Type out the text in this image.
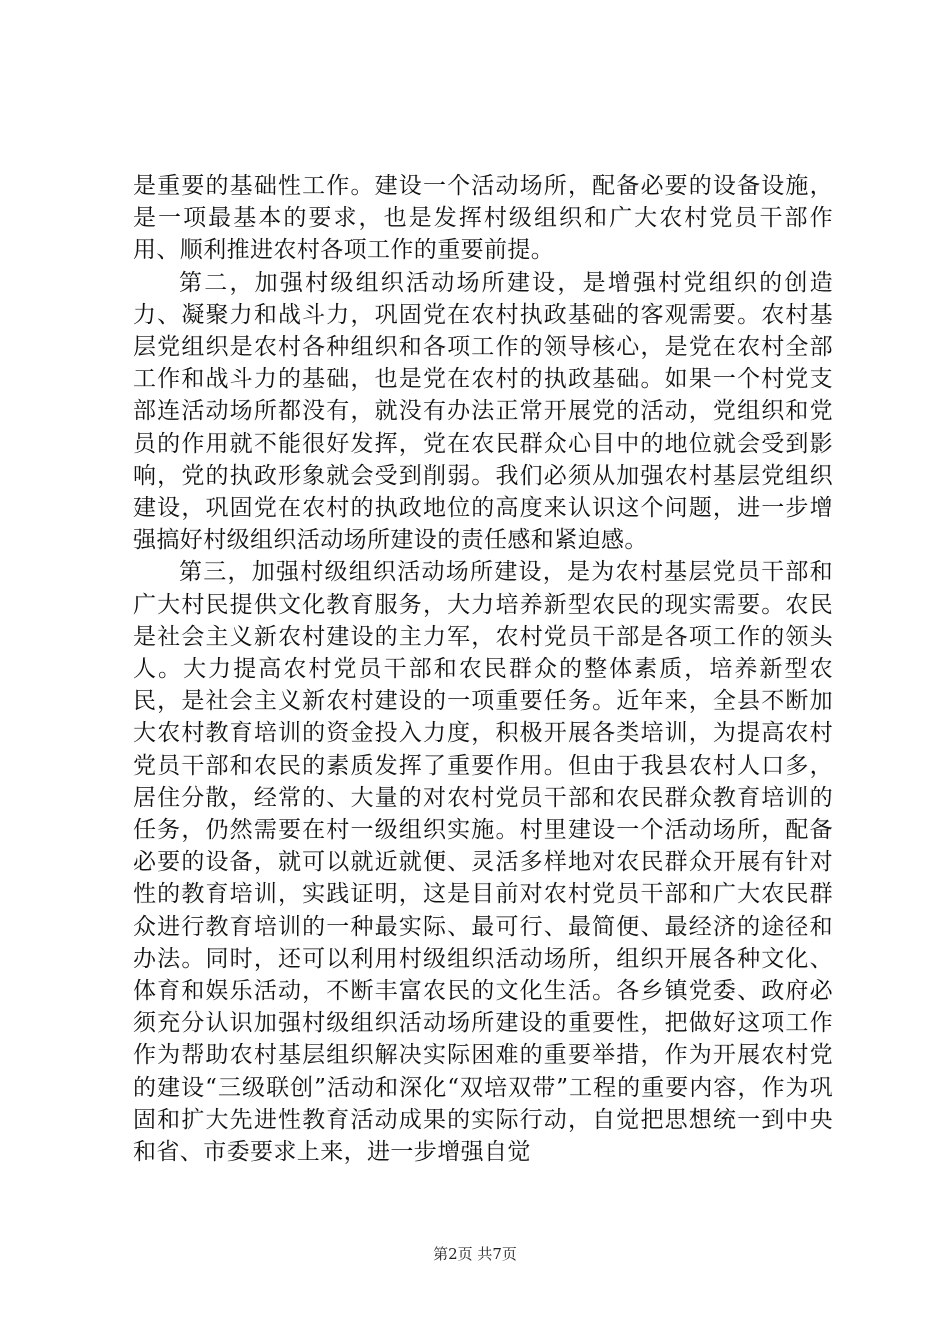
是重要的基础性工作。建设一个活动场所，配备必要的设备设施，是一项最基本的要求，也是发挥村级组织和广大农村党员干部作用、顺利推进农村各项工作的重要前提。

第二，加强村级组织活动场所建设，是增强村党组织的创造力、凝聚力和战斗力，巩固党在农村执政基础的客观需要。农村基层党组织是农村各种组织和各项工作的领导核心，是党在农村全部工作和战斗力的基础，也是党在农村的执政基础。如果一个村党支部连活动场所都没有，就没有办法正常开展党的活动，党组织和党员的作用就不能很好发挥，党在农民群众心目中的地位就会受到影响，党的执政形象就会受到削弱。我们必须从加强农村基层党组织建设，巩固党在农村的执政地位的高度来认识这个问题，进一步增强搞好村级组织活动场所建设的责任感和紧迫感。

第三，加强村级组织活动场所建设，是为农村基层党员干部和广大村民提供文化教育服务，大力培养新型农民的现实需要。农民是社会主义新农村建设的主力军，农村党员干部是各项工作的领头人。大力提高农村党员干部和农民群众的整体素质，培养新型农民，是社会主义新农村建设的一项重要任务。近年来，全县不断加大农村教育培训的资金投入力度，积极开展各类培训，为提高农村党员干部和农民的素质发挥了重要作用。但由于我县农村人口多，居住分散，经常的、大量的对农村党员干部和农民群众教育培训的任务，仍然需要在村一级组织实施。村里建设一个活动场所，配备必要的设备，就可以就近就便、灵活多样地对农民群众开展有针对性的教育培训，实践证明，这是目前对农村党员干部和广大农民群众进行教育培训的一种最实际、最可行、最简便、最经济的途径和办法。同时，还可以利用村级组织活动场所，组织开展各种文化、体育和娱乐活动，不断丰富农民的文化生活。各乡镇党委、政府必须充分认识加强村级组织活动场所建设的重要性，把做好这项工作作为帮助农村基层组织解决实际困难的重要举措，作为开展农村党的建设“三级联创”活动和深化“双培双带”工程的重要内容，作为巩固和扩大先进性教育活动成果的实际行动，自觉把思想统一到中央和省、市委要求上来，进一步增强自觉

第2页 共7页
